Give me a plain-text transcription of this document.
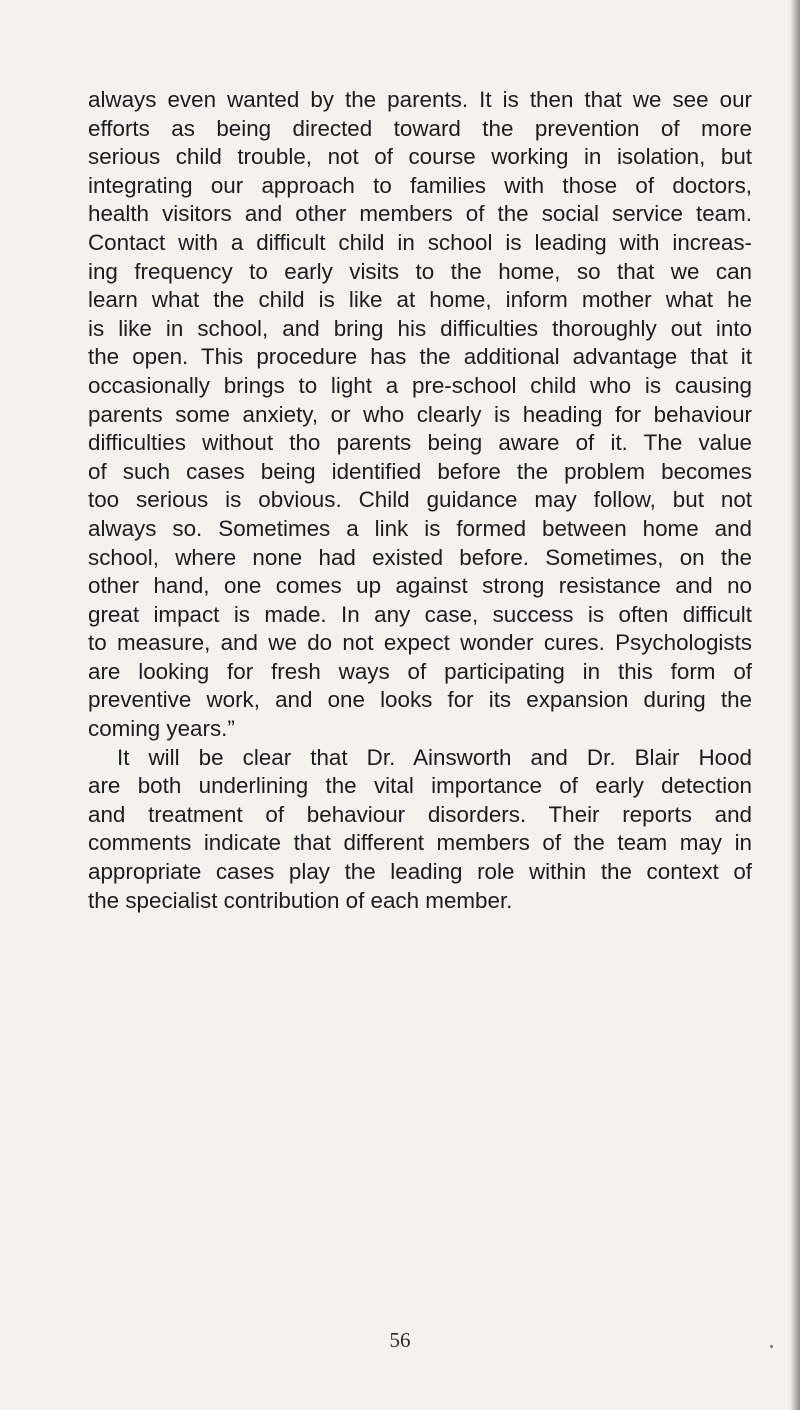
always even wanted by the parents. It is then that we see our
efforts as being directed toward the prevention of more
serious child trouble, not of course working in isolation, but
integrating our approach to families with those of doctors,
health visitors and other members of the social service team.
Contact with a difficult child in school is leading with increas-
ing frequency to early visits to the home, so that we can
learn what the child is like at home, inform mother what he
is like in school, and bring his difficulties thoroughly out into
the open. This procedure has the additional advantage that it
occasionally brings to light a pre-school child who is causing
parents some anxiety, or who clearly is heading for behaviour
difficulties without tho parents being aware of it. The value
of such cases being identified before the problem becomes
too serious is obvious. Child guidance may follow, but not
always so. Sometimes a link is formed between home and
school, where none had existed before. Sometimes, on the
other hand, one comes up against strong resistance and no
great impact is made. In any case, success is often difficult
to measure, and we do not expect wonder cures. Psychologists
are looking for fresh ways of participating in this form of
preventive work, and one looks for its expansion during the
coming years.”
It will be clear that Dr. Ainsworth and Dr. Blair Hood
are both underlining the vital importance of early detection
and treatment of behaviour disorders. Their reports and
comments indicate that different members of the team may in
appropriate cases play the leading role within the context of
the specialist contribution of each member.
56
